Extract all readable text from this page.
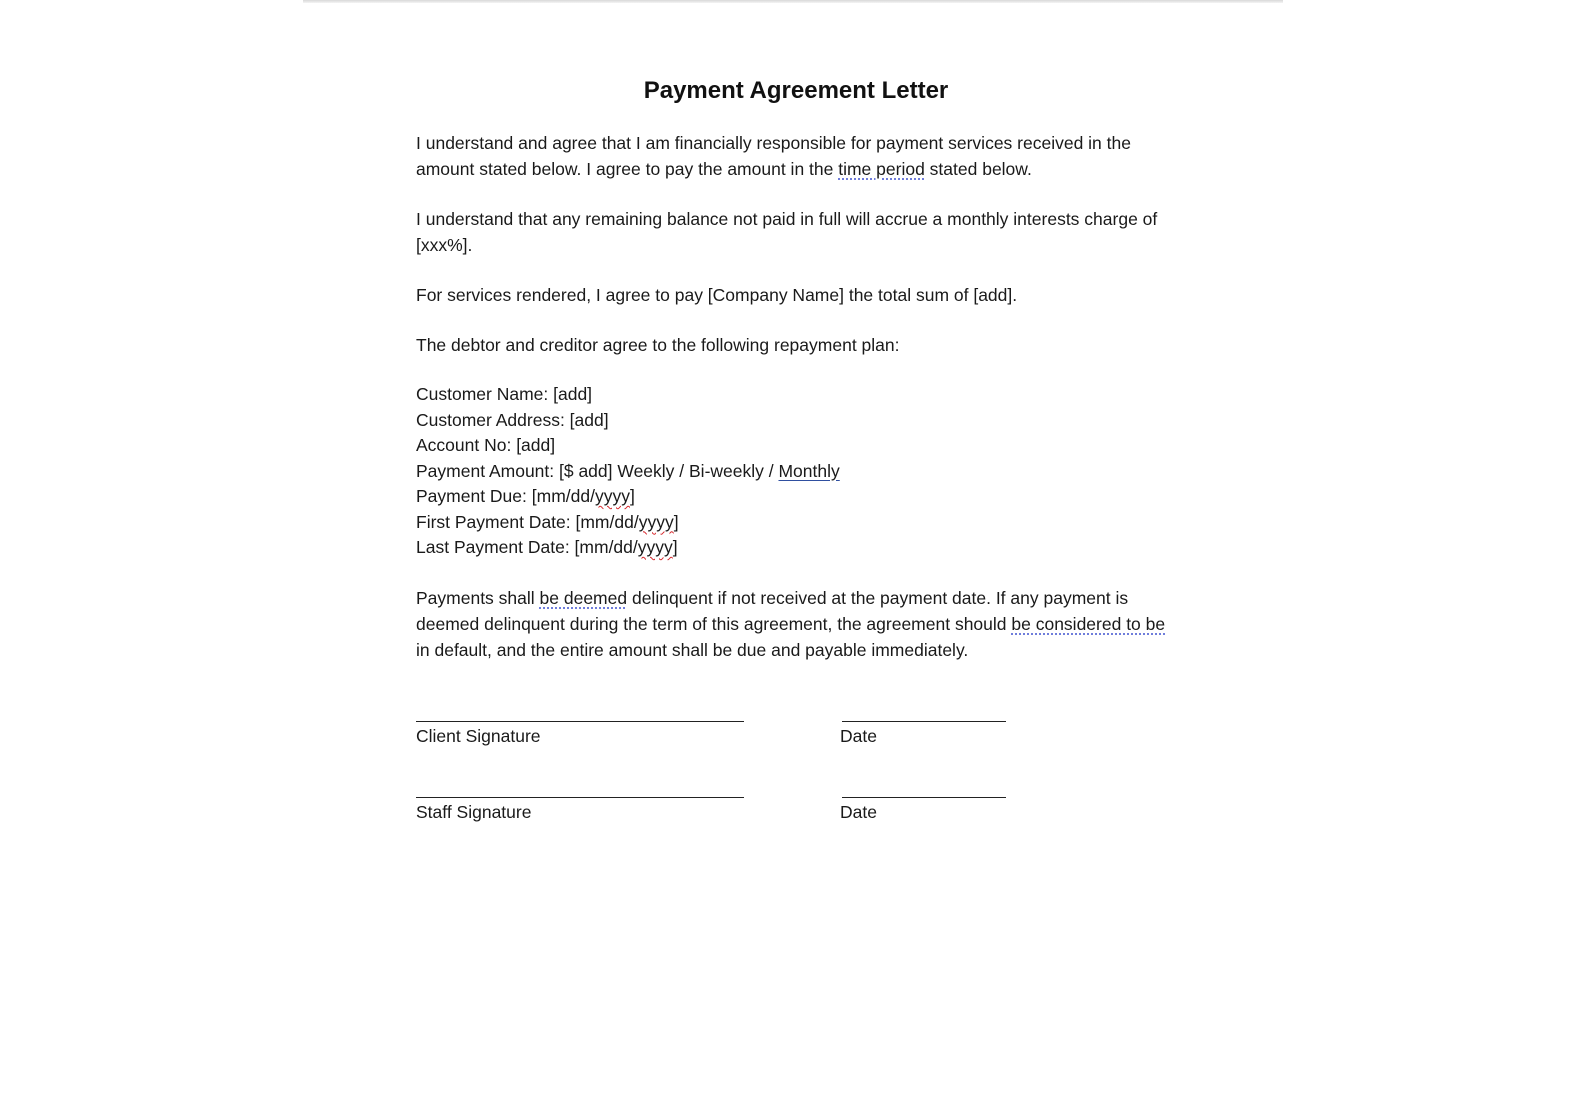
Payment Agreement Letter

I understand and agree that I am financially responsible for payment services received in the amount stated below. I agree to pay the amount in the time period stated below.

I understand that any remaining balance not paid in full will accrue a monthly interests charge of [xxx%].

For services rendered, I agree to pay [Company Name] the total sum of [add].

The debtor and creditor agree to the following repayment plan:

Customer Name: [add]

Customer Address: [add]

Account No: [add]

Payment Amount: [$ add] Weekly / Bi-weekly / Monthly

Payment Due: [mm/dd/yyyy]

First Payment Date: [mm/dd/yyyy]

Last Payment Date: [mm/dd/yyyy]

Payments shall be deemed delinquent if not received at the payment date. If any payment is deemed delinquent during the term of this agreement, the agreement should be considered to be in default, and the entire amount shall be due and payable immediately.

Client Signature	Date
Staff Signature	Date
